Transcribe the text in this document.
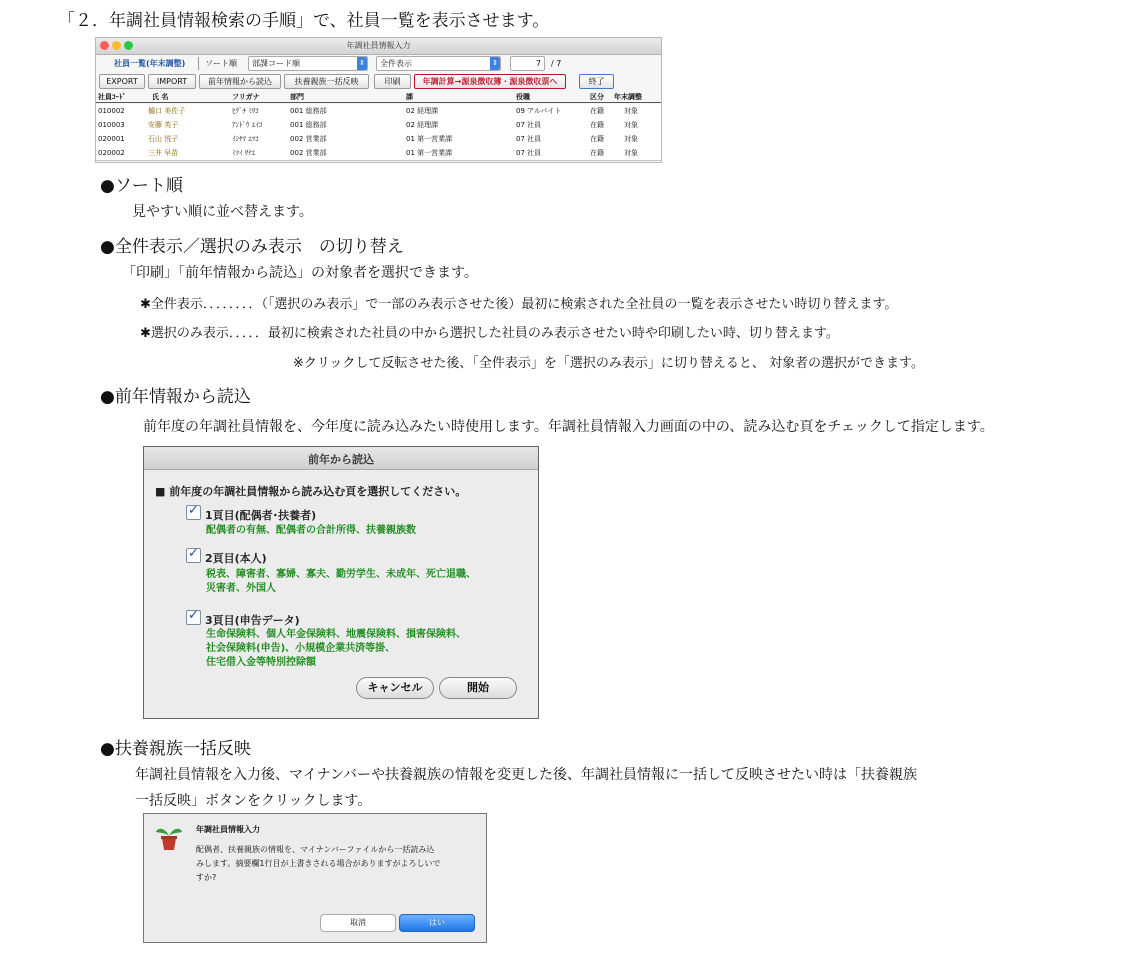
「２．年調社員情報検索の手順」で、社員一覧を表示させます。
年調社員情報入力
社員一覧(年末調整) ソート順	部課コード順	⇕	全件表示	⇕	7	/ 7
EXPORT	IMPORT	前年情報から読込	扶養親族一括反映	印刷	年調計算→源泉徴収簿・源泉徴収票へ	終了
社員ｺｰﾄﾞ	氏 名	フリガナ	部門	課	役職	区分 年末調整
010002	樋口 美佐子	ﾋｸﾞﾁ ﾐｻｺ	001 総務部	02 経理課	09 アルバイト	在籍	対象
010003	安藤 英子	ｱﾝﾄﾞｳ ｴｲｺ	001 総務部	02 経理課	07 社員	在籍	対象
020001	石山 悦子	ｲｼﾔﾏ ｴﾂｺ	002 営業部	01 第一営業課	07 社員	在籍	対象
020002	三井 早苗	ﾐﾂｲ ｻﾅｴ	002 営業部	01 第一営業課	07 社員	在籍	対象
●ソート順
見やすい順に並べ替えます。
●全件表示／選択のみ表示　の切り替え
「印刷」「前年情報から読込」の対象者を選択できます。
✱全件表示．．．．．．．．（「選択のみ表示」で一部のみ表示させた後）最初に検索された全社員の一覧を表示させたい時切り替えます。
✱選択のみ表示．．．．．最初に検索された社員の中から選択した社員のみ表示させたい時や印刷したい時、切り替えます。
※クリックして反転させた後、「全件表示」を「選択のみ表示」に切り替えると、 対象者の選択ができます。
●前年情報から読込
前年度の年調社員情報を、今年度に読み込みたい時使用します。年調社員情報入力画面の中の、読み込む頁をチェックして指定します。
前年から読込
■ 前年度の年調社員情報から読み込む頁を選択してください。
✓ 1頁目(配偶者･扶養者)
配偶者の有無、配偶者の合計所得、扶養親族数
✓ 2頁目(本人)
税表、障害者、寡婦、寡夫、勤労学生、未成年、死亡退職、
災害者、外国人
✓ 3頁目(申告データ)
生命保険料、個人年金保険料、地震保険料、損害保険料、
社会保険料(申告)、小規模企業共済等掛、
住宅借入金等特別控除額
キャンセル	開始
●扶養親族一括反映
年調社員情報を入力後、マイナンバーや扶養親族の情報を変更した後、年調社員情報に一括して反映させたい時は「扶養親族
一括反映」ボタンをクリックします。
年調社員情報入力
配偶者、扶養親族の情報を、マイナンバーファイルから一括読み込
みします。摘要欄1行目が上書きされる場合がありますがよろしいで
すか?
取消	はい
